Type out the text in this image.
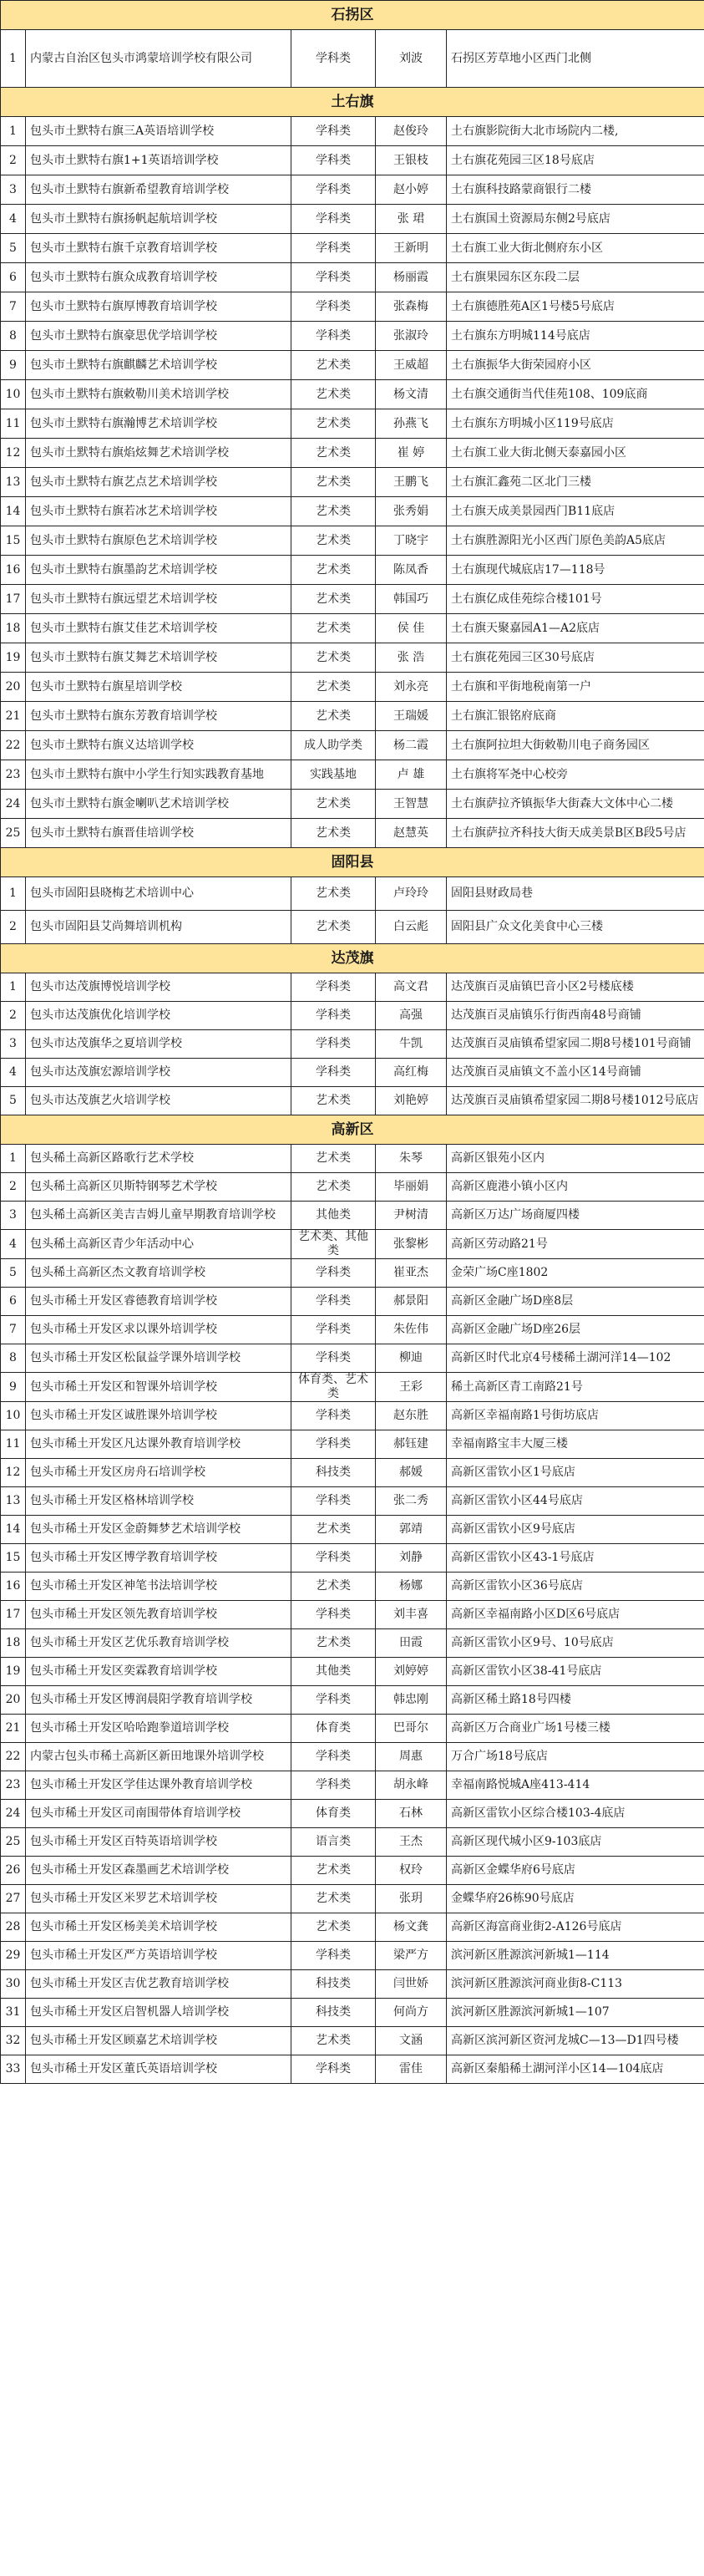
石拐区				
1	内蒙古自治区包头市鸿蒙培训学校有限公司	学科类	刘波	石拐区芳草地小区西门北侧
土右旗				
1	包头市土默特右旗三A英语培训学校	学科类	赵俊玲	土右旗影院街大北市场院内二楼,
2	包头市土默特右旗1+1英语培训学校	学科类	王银枝	土右旗花苑园三区18号底店
3	包头市土默特右旗新希望教育培训学校	学科类	赵小婷	土右旗科技路蒙商银行二楼
4	包头市土默特右旗扬帆起航培训学校	学科类	张 珺	土右旗国土资源局东侧2号底店
5	包头市土默特右旗千京教育培训学校	学科类	王新明	土右旗工业大街北侧府东小区
6	包头市土默特右旗众成教育培训学校	学科类	杨丽霞	土右旗果园东区东段二层
7	包头市土默特右旗厚博教育培训学校	学科类	张森梅	土右旗德胜苑A区1号楼5号底店
8	包头市土默特右旗豪思优学培训学校	学科类	张淑玲	土右旗东方明城114号底店
9	包头市土默特右旗麒麟艺术培训学校	艺术类	王威超	土右旗振华大街荣园府小区
10	包头市土默特右旗敕勒川美术培训学校	艺术类	杨文清	土右旗交通街当代佳苑108、109底商
11	包头市土默特右旗瀚博艺术培训学校	艺术类	孙燕飞	土右旗东方明城小区119号底店
12	包头市土默特右旗焰炫舞艺术培训学校	艺术类	崔 婷	土右旗工业大街北侧天泰嘉园小区
13	包头市土默特右旗艺点艺术培训学校	艺术类	王鹏飞	土右旗汇鑫苑二区北门三楼
14	包头市土默特右旗若冰艺术培训学校	艺术类	张秀娟	土右旗天成美景园西门B11底店
15	包头市土默特右旗原色艺术培训学校	艺术类	丁晓宇	土右旗胜源阳光小区西门原色美韵A5底店
16	包头市土默特右旗墨韵艺术培训学校	艺术类	陈凤香	土右旗现代城底店17—118号
17	包头市土默特右旗远望艺术培训学校	艺术类	韩国巧	土右旗亿成佳苑综合楼101号
18	包头市土默特右旗艾佳艺术培训学校	艺术类	侯 佳	土右旗天聚嘉园A1—A2底店
19	包头市土默特右旗艾舞艺术培训学校	艺术类	张 浩	土右旗花苑园三区30号底店
20	包头市土默特右旗星培训学校	艺术类	刘永亮	土右旗和平街地税南第一户
21	包头市土默特右旗东芳教育培训学校	艺术类	王瑞媛	土右旗汇银铭府底商
22	包头市土默特右旗义达培训学校	成人助学类	杨二霞	土右旗阿拉坦大街敕勒川电子商务园区
23	包头市土默特右旗中小学生行知实践教育基地	实践基地	卢 雄	土右旗将军尧中心校旁
24	包头市土默特右旗金喇叭艺术培训学校	艺术类	王智慧	土右旗萨拉齐镇振华大街森大文体中心二楼
25	包头市土默特右旗晋佳培训学校	艺术类	赵慧英	土右旗萨拉齐科技大街天成美景B区B段5号店
固阳县				
1	包头市固阳县晓梅艺术培训中心	艺术类	卢玲玲	固阳县财政局巷
2	包头市固阳县艾尚舞培训机构	艺术类	白云彪	固阳县广众文化美食中心三楼
达茂旗				
1	包头市达茂旗博悦培训学校	学科类	高文君	达茂旗百灵庙镇巴音小区2号楼底楼
2	包头市达茂旗优化培训学校	学科类	高强	达茂旗百灵庙镇乐行街西南48号商铺
3	包头市达茂旗华之夏培训学校	学科类	牛凯	达茂旗百灵庙镇希望家园二期8号楼101号商铺
4	包头市达茂旗宏源培训学校	学科类	高红梅	达茂旗百灵庙镇文不盖小区14号商铺
5	包头市达茂旗艺火培训学校	艺术类	刘艳婷	达茂旗百灵庙镇希望家园二期8号楼1012号底店
高新区				
1	包头稀土高新区路歌行艺术学校	艺术类	朱琴	高新区银苑小区内
2	包头稀土高新区贝斯特钢琴艺术学校	艺术类	毕丽娟	高新区鹿港小镇小区内
3	包头稀土高新区美吉吉姆儿童早期教育培训学校	其他类	尹树清	高新区万达广场商厦四楼
4	包头稀土高新区青少年活动中心	艺术类、其他类	张黎彬	高新区劳动路21号
5	包头稀土高新区杰文教育培训学校	学科类	崔亚杰	金荣广场C座1802
6	包头市稀土开发区睿德教育培训学校	学科类	郝景阳	高新区金融广场D座8层
7	包头市稀土开发区求以课外培训学校	学科类	朱佐伟	高新区金融广场D座26层
8	包头市稀土开发区松鼠益学课外培训学校	学科类	柳迪	高新区时代北京4号楼稀土湖河洋14—102
9	包头市稀土开发区和智课外培训学校	体育类、艺术类	王彩	稀土高新区青工南路21号
10	包头市稀土开发区诚胜课外培训学校	学科类	赵东胜	高新区幸福南路1号街坊底店
11	包头市稀土开发区凡达课外教育培训学校	学科类	郝钰建	幸福南路宝丰大厦三楼
12	包头市稀土开发区房舟石培训学校	科技类	郝媛	高新区雷钦小区1号底店
13	包头市稀土开发区格林培训学校	学科类	张二秀	高新区雷钦小区44号底店
14	包头市稀土开发区金蔚舞梦艺术培训学校	艺术类	郭靖	高新区雷钦小区9号底店
15	包头市稀土开发区博学教育培训学校	学科类	刘静	高新区雷钦小区43-1号底店
16	包头市稀土开发区神笔书法培训学校	艺术类	杨娜	高新区雷钦小区36号底店
17	包头市稀土开发区领先教育培训学校	学科类	刘丰喜	高新区幸福南路小区D区6号底店
18	包头市稀土开发区艺优乐教育培训学校	艺术类	田霞	高新区雷钦小区9号、10号底店
19	包头市稀土开发区奕霖教育培训学校	其他类	刘婷婷	高新区雷钦小区38-41号底店
20	包头市稀土开发区博润晨阳学教育培训学校	学科类	韩忠刚	高新区稀土路18号四楼
21	包头市稀土开发区哈哈跑拳道培训学校	体育类	巴哥尔	高新区万合商业广场1号楼三楼
22	内蒙古包头市稀土高新区新田地课外培训学校	学科类	周惠	万合广场18号底店
23	包头市稀土开发区学佳达课外教育培训学校	学科类	胡永峰	幸福南路悦城A座413-414
24	包头市稀土开发区司南围带体育培训学校	体育类	石林	高新区雷钦小区综合楼103-4底店
25	包头市稀土开发区百特英语培训学校	语言类	王杰	高新区现代城小区9-103底店
26	包头市稀土开发区森墨画艺术培训学校	艺术类	权玲	高新区金蝶华府6号底店
27	包头市稀土开发区米罗艺术培训学校	艺术类	张玥	金蝶华府26栋90号底店
28	包头市稀土开发区杨美美术培训学校	艺术类	杨文龚	高新区海富商业街2-A126号底店
29	包头市稀土开发区严方英语培训学校	学科类	梁严方	滨河新区胜源滨河新城1—114
30	包头市稀土开发区吉优艺教育培训学校	科技类	闫世娇	滨河新区胜源滨河商业街8-C113
31	包头市稀土开发区启智机器人培训学校	科技类	何尚方	滨河新区胜源滨河新城1—107
32	包头市稀土开发区顾嘉艺术培训学校	艺术类	文涵	高新区滨河新区资河龙城C—13—D1四号楼
33	包头市稀土开发区董氏英语培训学校	学科类	雷佳	高新区秦船稀土湖河洋小区14—104底店
